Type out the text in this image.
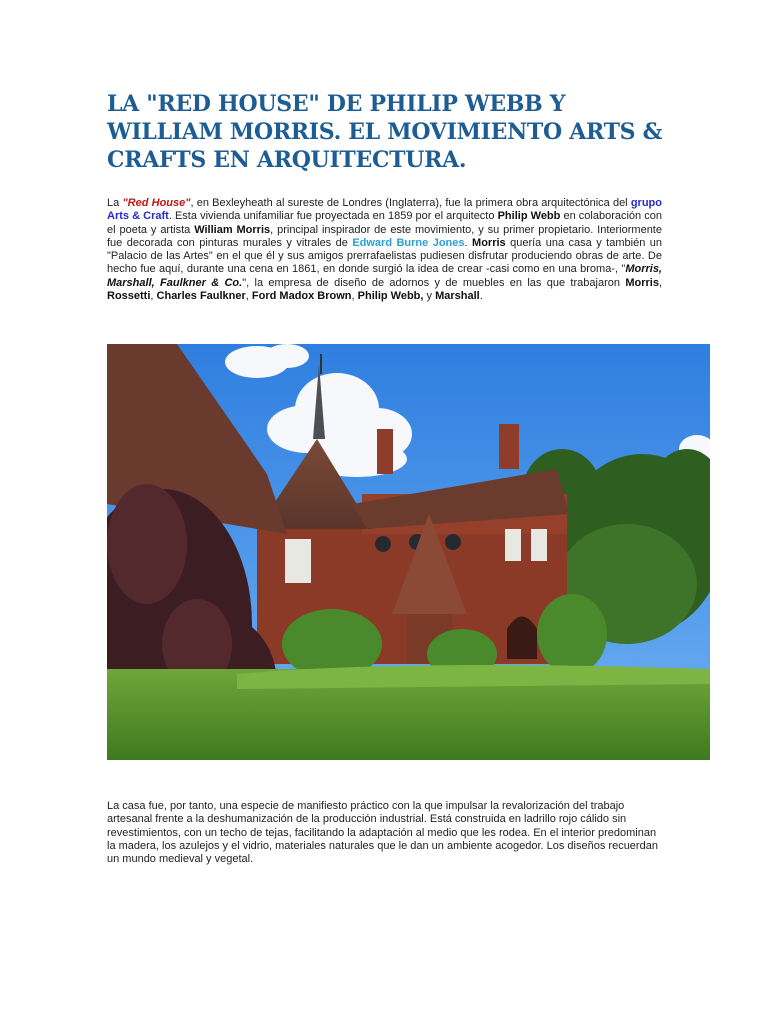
LA "RED HOUSE" DE PHILIP WEBB Y WILLIAM MORRIS. EL MOVIMIENTO ARTS & CRAFTS EN ARQUITECTURA.

La "Red House", en Bexleyheath al sureste de Londres (Inglaterra), fue la primera obra arquitectónica del grupo Arts & Craft. Esta vivienda unifamiliar fue proyectada en 1859 por el arquitecto Philip Webb en colaboración con el poeta y artista William Morris, principal inspirador de este movimiento, y su primer propietario. Interiormente fue decorada con pinturas murales y vitrales de Edward Burne Jones. Morris quería una casa y también un "Palacio de las Artes" en el que él y sus amigos prerrafaelistas pudiesen disfrutar produciendo obras de arte. De hecho fue aquí, durante una cena en 1861, en donde surgió la idea de crear -casi como en una broma-, "Morris, Marshall, Faulkner & Co.", la empresa de diseño de adornos y de muebles en las que trabajaron Morris, Rossetti, Charles Faulkner, Ford Madox Brown, Philip Webb, y Marshall.

La casa fue, por tanto, una especie de manifiesto práctico con la que impulsar la revalorización del trabajo artesanal frente a la deshumanización de la producción industrial. Está construida en ladrillo rojo cálido sin revestimientos, con un techo de tejas, facilitando la adaptación al medio que les rodea. En el interior predominan la madera, los azulejos y el vidrio, materiales naturales que le dan un ambiente acogedor. Los diseños recuerdan un mundo medieval y vegetal.
